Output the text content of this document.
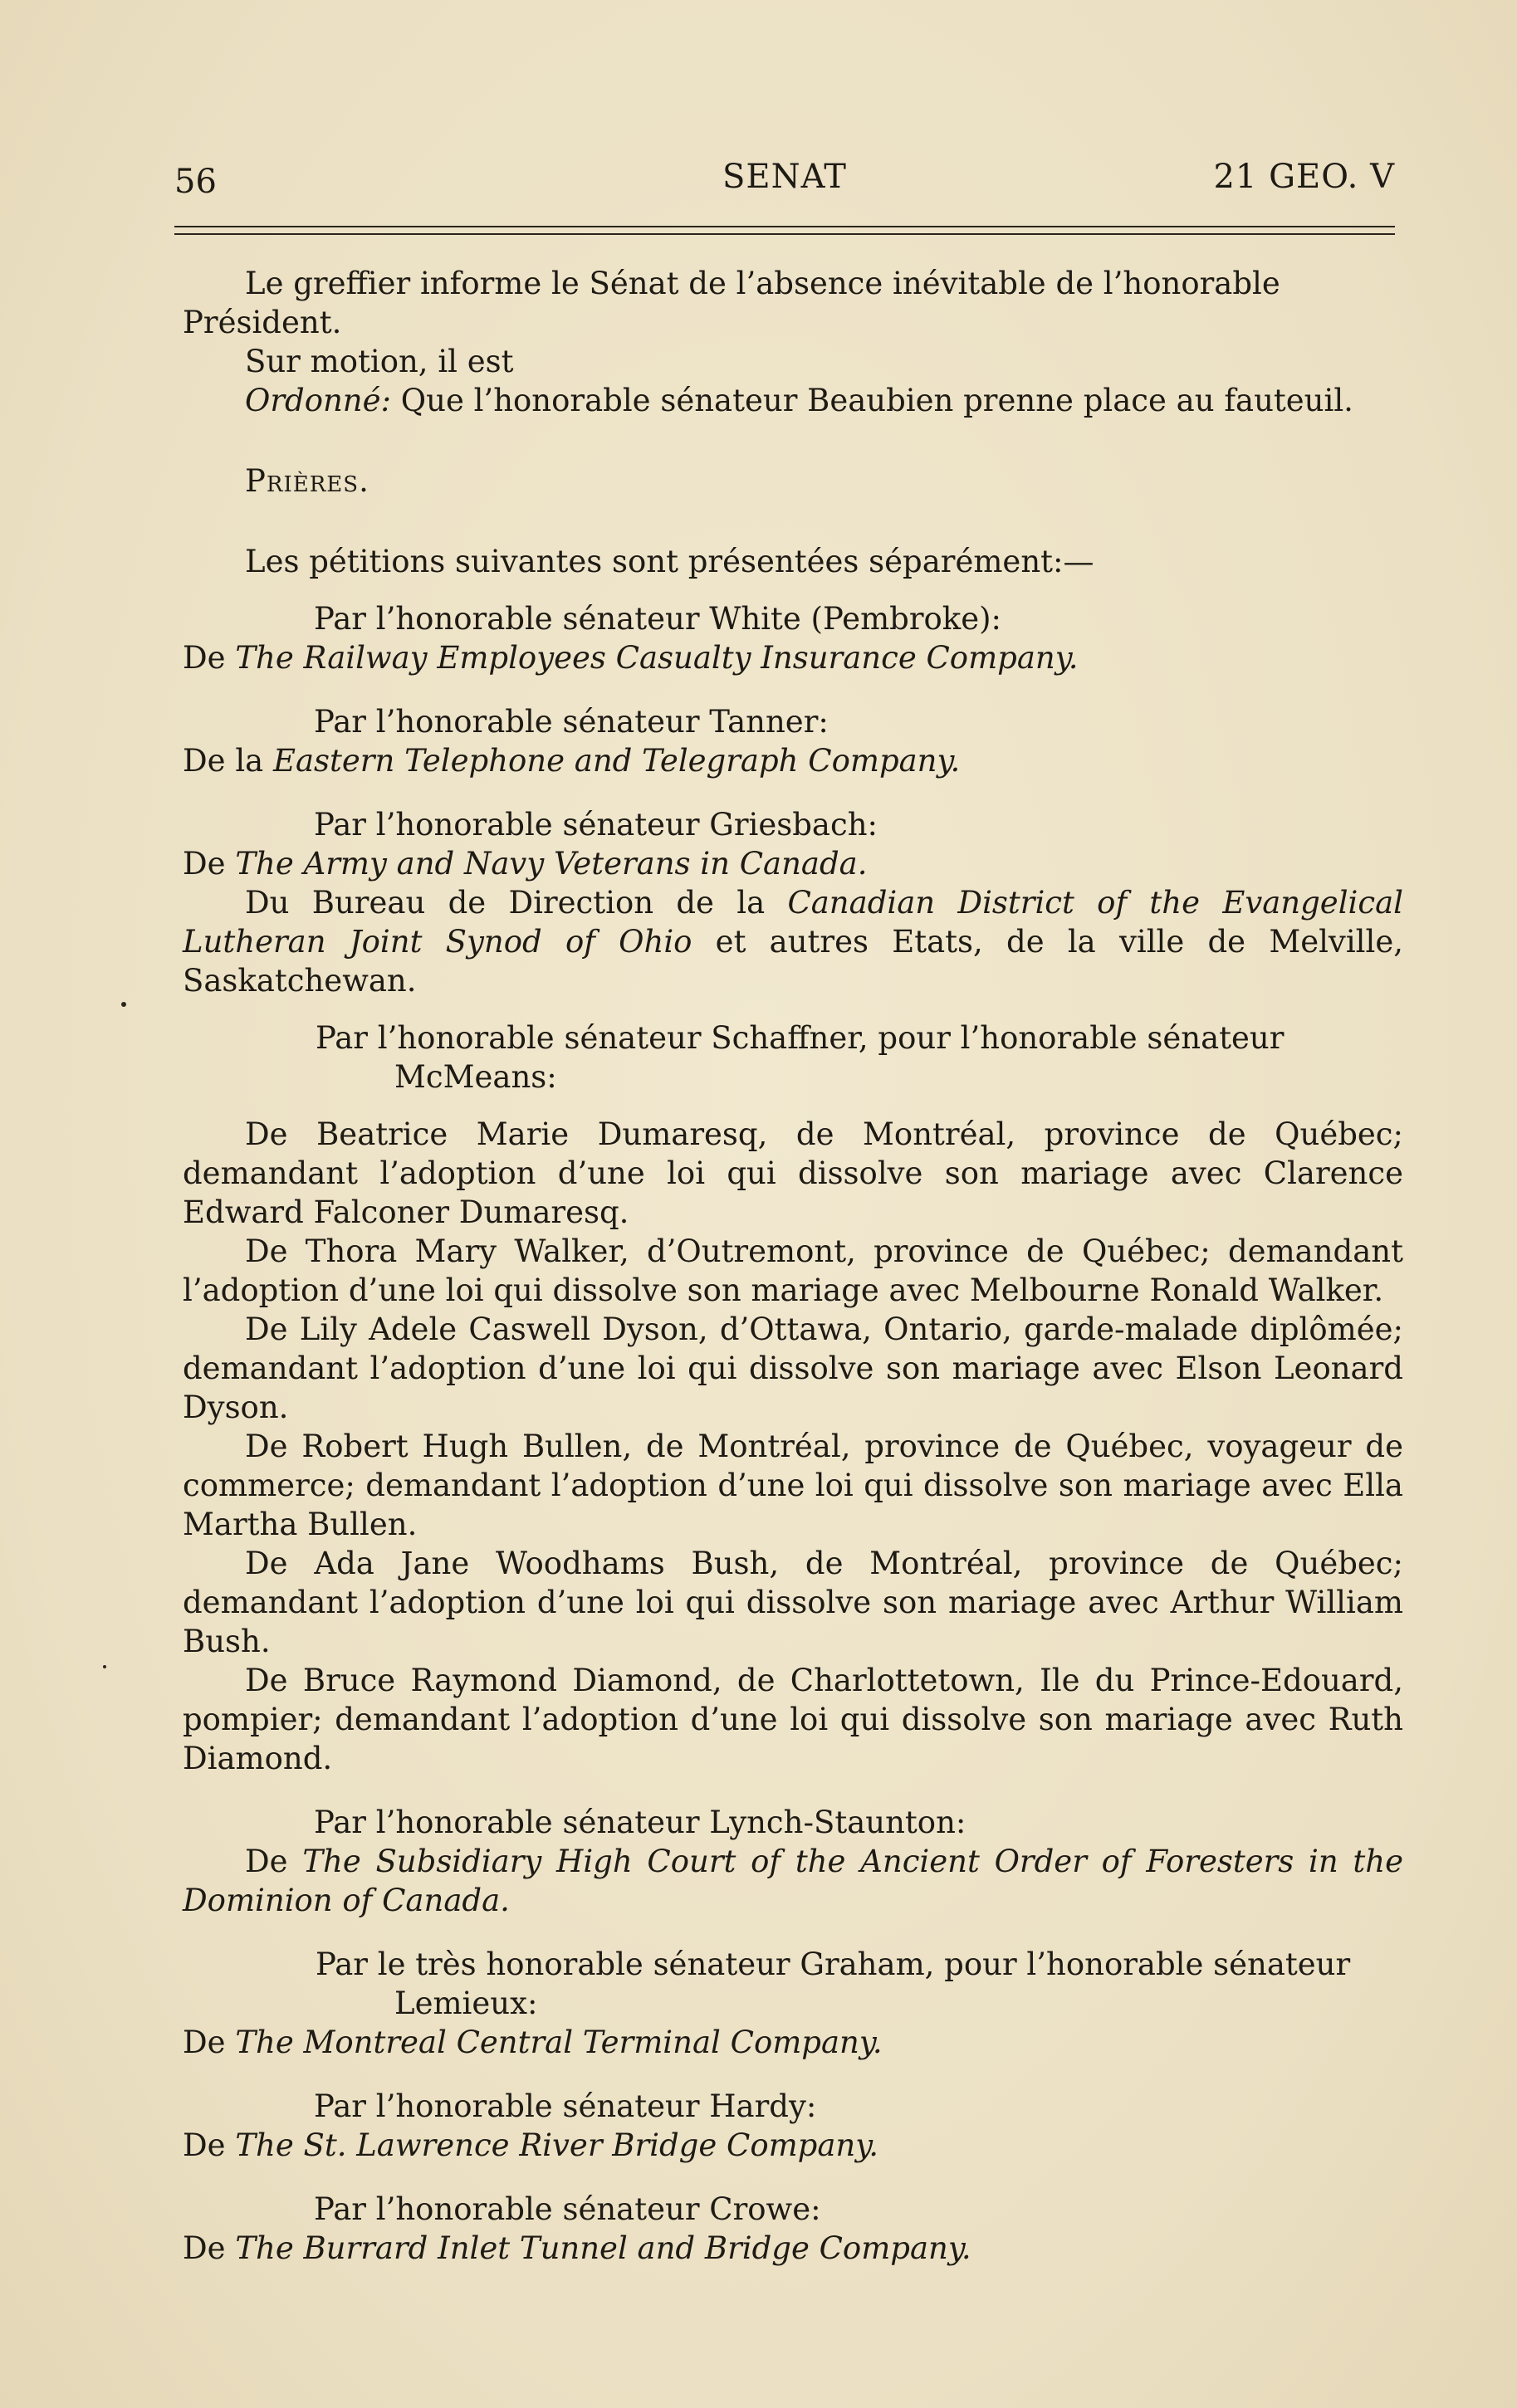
56	SENAT	21 GEO. V

Le greffier informe le Sénat de l’absence inévitable de l’honorable Président.

Sur motion, il est

Ordonné: Que l’honorable sénateur Beaubien prenne place au fauteuil.

Prières.

Les pétitions suivantes sont présentées séparément:—

Par l’honorable sénateur White (Pembroke):

De The Railway Employees Casualty Insurance Company.

Par l’honorable sénateur Tanner:

De la Eastern Telephone and Telegraph Company.

Par l’honorable sénateur Griesbach:

De The Army and Navy Veterans in Canada.

Du Bureau de Direction de la Canadian District of the Evangelical Lutheran Joint Synod of Ohio et autres Etats, de la ville de Melville, Saskatchewan.

Par l’honorable sénateur Schaffner, pour l’honorable sénateur McMeans:

De Beatrice Marie Dumaresq, de Montréal, province de Québec; demandant l’adoption d’une loi qui dissolve son mariage avec Clarence Edward Falconer Dumaresq.

De Thora Mary Walker, d’Outremont, province de Québec; demandant l’adoption d’une loi qui dissolve son mariage avec Melbourne Ronald Walker.

De Lily Adele Caswell Dyson, d’Ottawa, Ontario, garde-malade diplômée; demandant l’adoption d’une loi qui dissolve son mariage avec Elson Leonard Dyson.

De Robert Hugh Bullen, de Montréal, province de Québec, voyageur de commerce; demandant l’adoption d’une loi qui dissolve son mariage avec Ella Martha Bullen.

De Ada Jane Woodhams Bush, de Montréal, province de Québec; demandant l’adoption d’une loi qui dissolve son mariage avec Arthur William Bush.

De Bruce Raymond Diamond, de Charlottetown, Ile du Prince-Edouard, pompier; demandant l’adoption d’une loi qui dissolve son mariage avec Ruth Diamond.

Par l’honorable sénateur Lynch-Staunton:

De The Subsidiary High Court of the Ancient Order of Foresters in the Dominion of Canada.

Par le très honorable sénateur Graham, pour l’honorable sénateur Lemieux:

De The Montreal Central Terminal Company.

Par l’honorable sénateur Hardy:

De The St. Lawrence River Bridge Company.

Par l’honorable sénateur Crowe:

De The Burrard Inlet Tunnel and Bridge Company.
